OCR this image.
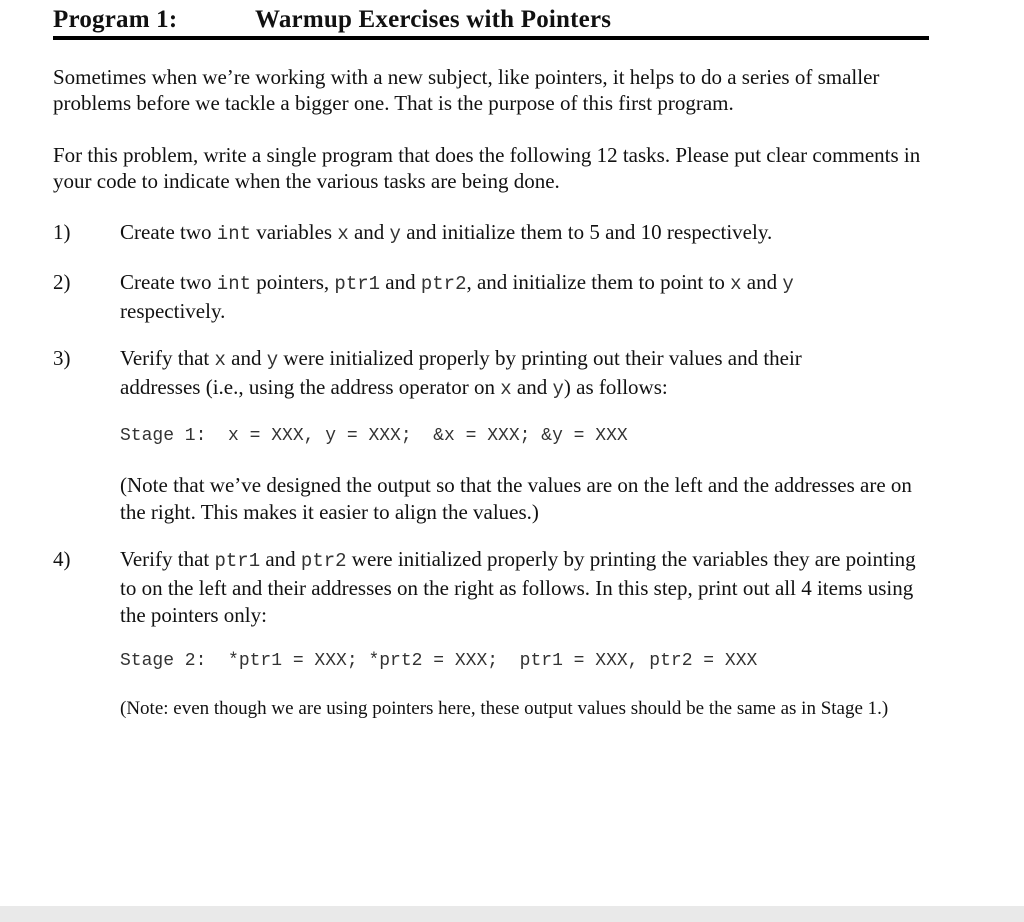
Program 1:	Warmup Exercises with Pointers
Sometimes when we’re working with a new subject, like pointers, it helps to do a series of smaller problems before we tackle a bigger one. That is the purpose of this first program.
For this problem, write a single program that does the following 12 tasks. Please put clear comments in your code to indicate when the various tasks are being done.
1) Create two int variables x and y and initialize them to 5 and 10 respectively.
2) Create two int pointers, ptr1 and ptr2, and initialize them to point to x and y respectively.
3) Verify that x and y were initialized properly by printing out their values and their addresses (i.e., using the address operator on x and y) as follows:
Stage 1:  x = XXX, y = XXX;  &x = XXX; &y = XXX
(Note that we’ve designed the output so that the values are on the left and the addresses are on the right. This makes it easier to align the values.)
4) Verify that ptr1 and ptr2 were initialized properly by printing the variables they are pointing to on the left and their addresses on the right as follows. In this step, print out all 4 items using the pointers only:
Stage 2:  *ptr1 = XXX; *prt2 = XXX;  ptr1 = XXX, ptr2 = XXX
(Note: even though we are using pointers here, these output values should be the same as in Stage 1.)
